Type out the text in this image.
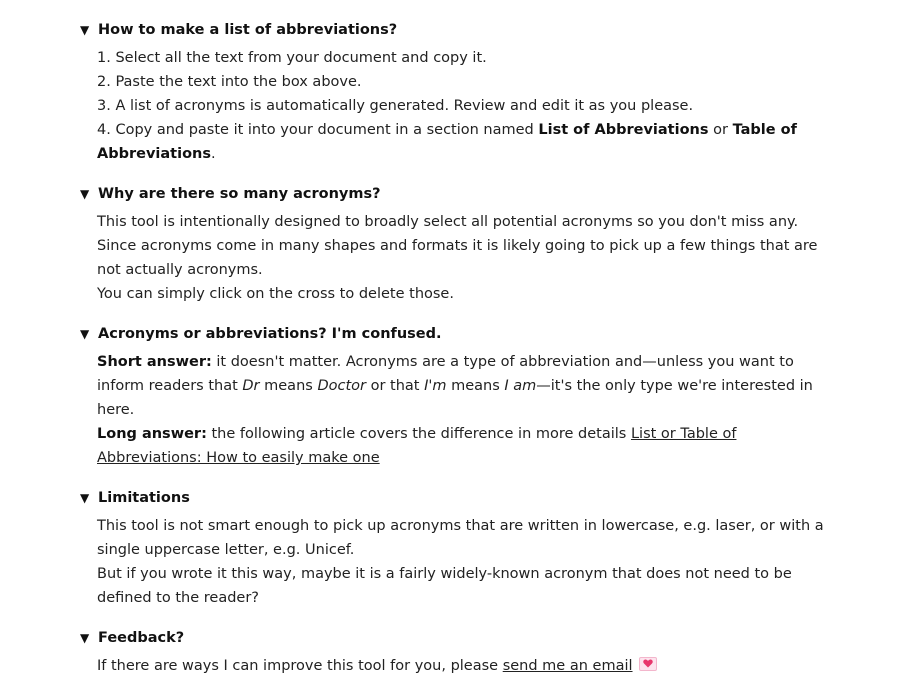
▼ How to make a list of abbreviations?

1. Select all the text from your document and copy it.

2. Paste the text into the box above.

3. A list of acronyms is automatically generated. Review and edit it as you please.

4. Copy and paste it into your document in a section named List of Abbreviations or Table of Abbreviations.

▼ Why are there so many acronyms?

This tool is intentionally designed to broadly select all potential acronyms so you don't miss any. Since acronyms come in many shapes and formats it is likely going to pick up a few things that are not actually acronyms.

You can simply click on the cross to delete those.

▼ Acronyms or abbreviations? I'm confused.

Short answer: it doesn't matter. Acronyms are a type of abbreviation and—unless you want to inform readers that Dr means Doctor or that I'm means I am—it's the only type we're interested in here.

Long answer: the following article covers the difference in more details List or Table of Abbreviations: How to easily make one

▼ Limitations

This tool is not smart enough to pick up acronyms that are written in lowercase, e.g. laser, or with a single uppercase letter, e.g. Unicef.

But if you wrote it this way, maybe it is a fairly widely-known acronym that does not need to be defined to the reader?

▼ Feedback?

If there are ways I can improve this tool for you, please send me an email
